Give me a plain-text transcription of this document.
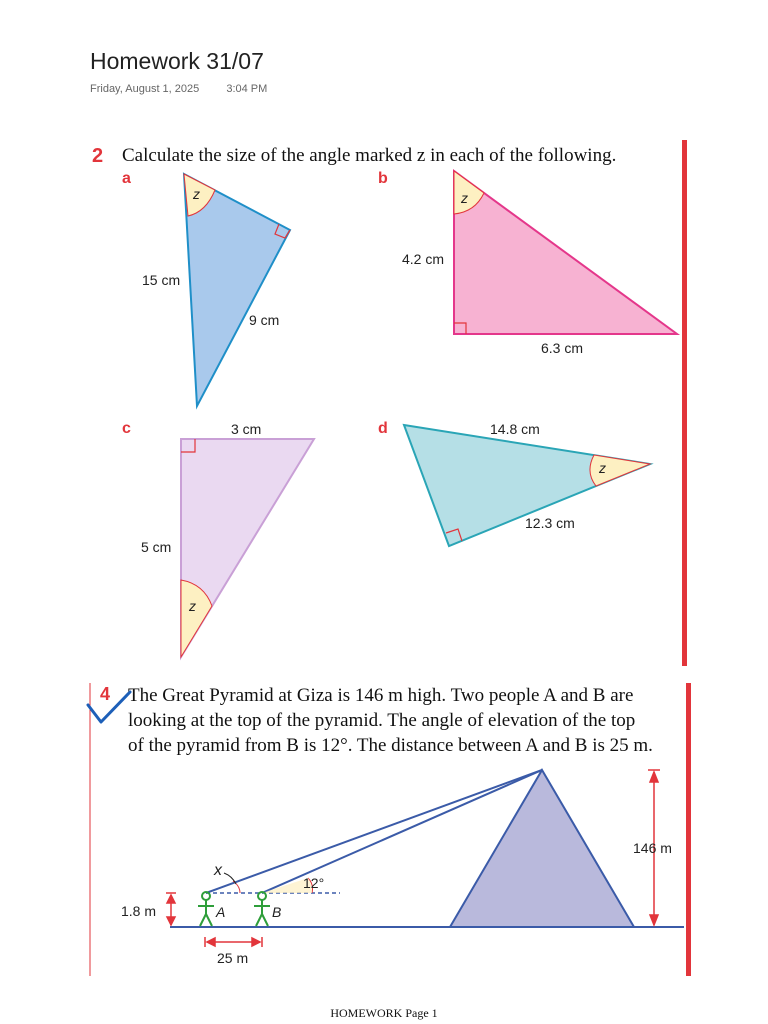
Homework 31/07
Friday, August 1, 2025 3:04 PM
2 Calculate the size of the angle marked z in each of the following.
a	b
c	d
z	z
z
z
15 cm
9 cm
4.2 cm
6.3 cm
3 cm
5 cm
14.8 cm
12.3 cm
4 The Great Pyramid at Giza is 146 m high. Two people A and B are
looking at the top of the pyramid. The angle of elevation of the top
of the pyramid from B is 12°. The distance between A and B is 25 m.
x
12°
146 m
1.8 m	A	B
25 m
HOMEWORK Page 1
